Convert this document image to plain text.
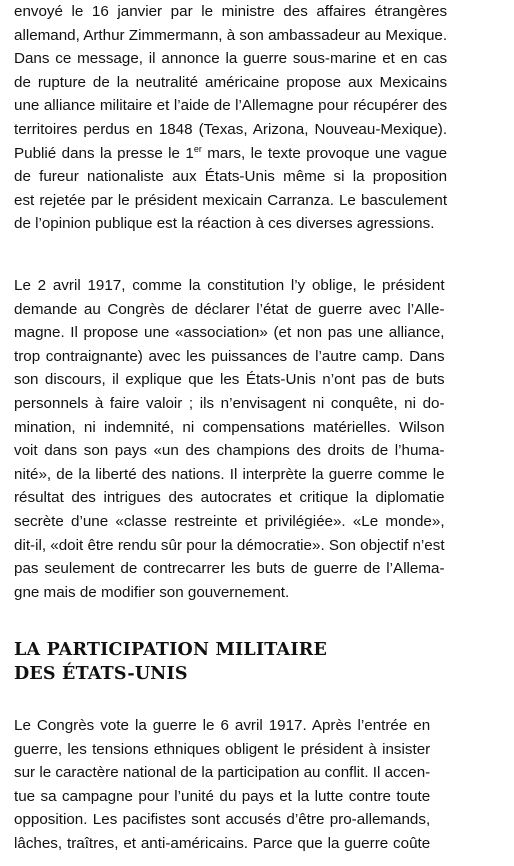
envoyé le 16 janvier par le ministre des affaires étrangères
allemand, Arthur Zimmermann, à son ambassadeur au Mexique.
Dans ce message, il annonce la guerre sous-marine et en cas
de rupture de la neutralité américaine propose aux Mexicains
une alliance militaire et l’aide de l’Allemagne pour récupérer des
territoires perdus en 1848 (Texas, Arizona, Nouveau-Mexique).
Publié dans la presse le 1er mars, le texte provoque une vague
de fureur nationaliste aux États-Unis même si la proposition
est rejetée par le président mexicain Carranza. Le basculement
de l’opinion publique est la réaction à ces diverses agressions.

Le 2 avril 1917, comme la constitution l’y oblige, le président
demande au Congrès de déclarer l’état de guerre avec l’Alle-
magne. Il propose une «association» (et non pas une alliance,
trop contraignante) avec les puissances de l’autre camp. Dans
son discours, il explique que les États-Unis n’ont pas de buts
personnels à faire valoir ; ils n’envisagent ni conquête, ni do-
mination, ni indemnité, ni compensations matérielles. Wilson
voit dans son pays «un des champions des droits de l’huma-
nité», de la liberté des nations. Il interprète la guerre comme le
résultat des intrigues des autocrates et critique la diplomatie
secrète d’une «classe restreinte et privilégiée». «Le monde»,
dit-il, «doit être rendu sûr pour la démocratie». Son objectif n’est
pas seulement de contrecarrer les buts de guerre de l’Allema-
gne mais de modifier son gouvernement.

LA PARTICIPATION MILITAIRE
DES ÉTATS-UNIS

Le Congrès vote la guerre le 6 avril 1917. Après l’entrée en
guerre, les tensions ethniques obligent le président à insister
sur le caractère national de la participation au conflit. Il accen-
tue sa campagne pour l’unité du pays et la lutte contre toute
opposition. Les pacifistes sont accusés d’être pro-allemands,
lâches, traîtres, et anti-américains. Parce que la guerre coûte
